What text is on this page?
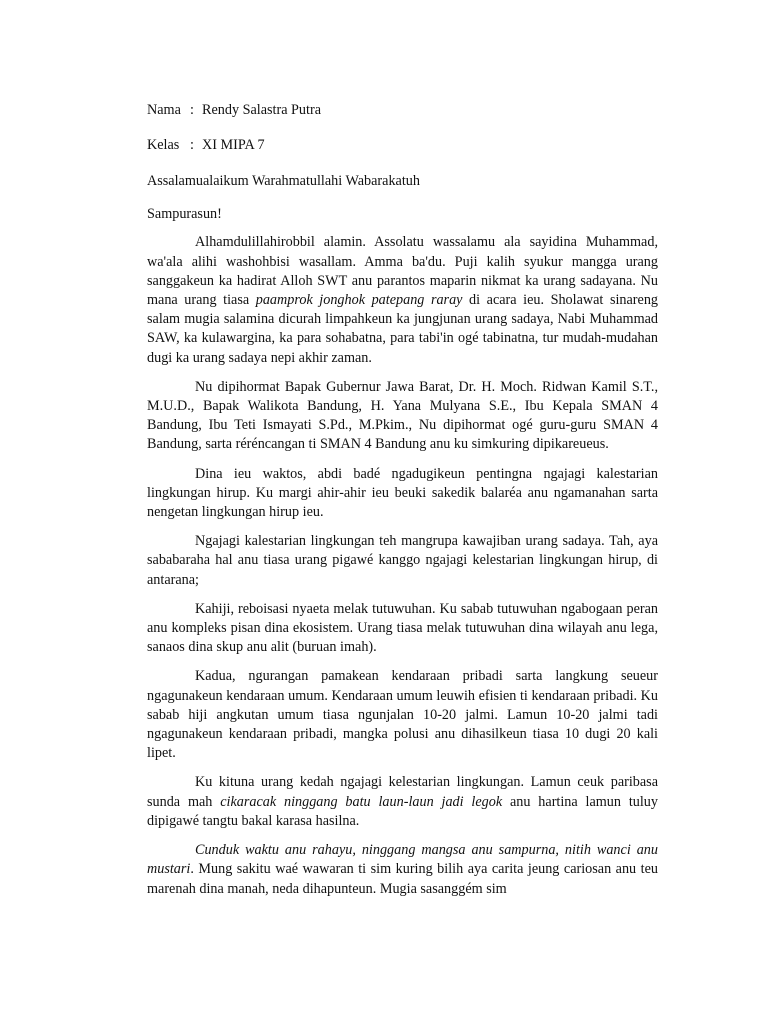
Nama : Rendy Salastra Putra
Kelas : XI MIPA 7
Assalamualaikum Warahmatullahi Wabarakatuh
Sampurasun!

Alhamdulillahirobbil alamin. Assolatu wassalamu ala sayidina Muhammad, wa'ala alihi washohbisi wasallam. Amma ba'du. Puji kalih syukur mangga urang sanggakeun ka hadirat Alloh SWT anu parantos maparin nikmat ka urang sadayana. Nu mana urang tiasa paamprok jonghok patepang raray di acara ieu. Sholawat sinareng salam mugia salamina dicurah limpahkeun ka jungjunan urang sadaya, Nabi Muhammad SAW, ka kulawargina, ka para sohabatna, para tabi'in ogé tabinatna, tur mudah-mudahan dugi ka urang sadaya nepi akhir zaman.

Nu dipihormat Bapak Gubernur Jawa Barat, Dr. H. Moch. Ridwan Kamil S.T., M.U.D., Bapak Walikota Bandung, H. Yana Mulyana S.E., Ibu Kepala SMAN 4 Bandung, Ibu Teti Ismayati S.Pd., M.Pkim., Nu dipihormat ogé guru-guru SMAN 4 Bandung, sarta réréncangan ti SMAN 4 Bandung anu ku simkuring dipikareueus.

Dina ieu waktos, abdi badé ngadugikeun pentingna ngajagi kalestarian lingkungan hirup. Ku margi ahir-ahir ieu beuki sakedik balaréa anu ngamanahan sarta nengetan lingkungan hirup ieu.

Ngajagi kalestarian lingkungan teh mangrupa kawajiban urang sadaya. Tah, aya sababaraha hal anu tiasa urang pigawé kanggo ngajagi kelestarian lingkungan hirup, di antarana;

Kahiji, reboisasi nyaeta melak tutuwuhan. Ku sabab tutuwuhan ngabogaan peran anu kompleks pisan dina ekosistem. Urang tiasa melak tutuwuhan dina wilayah anu lega, sanaos dina skup anu alit (buruan imah).

Kadua, ngurangan pamakean kendaraan pribadi sarta langkung seueur ngagunakeun kendaraan umum. Kendaraan umum leuwih efisien ti kendaraan pribadi. Ku sabab hiji angkutan umum tiasa ngunjalan 10-20 jalmi. Lamun 10-20 jalmi tadi ngagunakeun kendaraan pribadi, mangka polusi anu dihasilkeun tiasa 10 dugi 20 kali lipet.

Ku kituna urang kedah ngajagi kelestarian lingkungan. Lamun ceuk paribasa sunda mah cikaracak ninggang batu laun-laun jadi legok anu hartina lamun tuluy dipigawé tangtu bakal karasa hasilna.

Cunduk waktu anu rahayu, ninggang mangsa anu sampurna, nitih wanci anu mustari. Mung sakitu waé wawaran ti sim kuring bilih aya carita jeung cariosan anu teu marenah dina manah, neda dihapunteun. Mugia sasanggém sim
